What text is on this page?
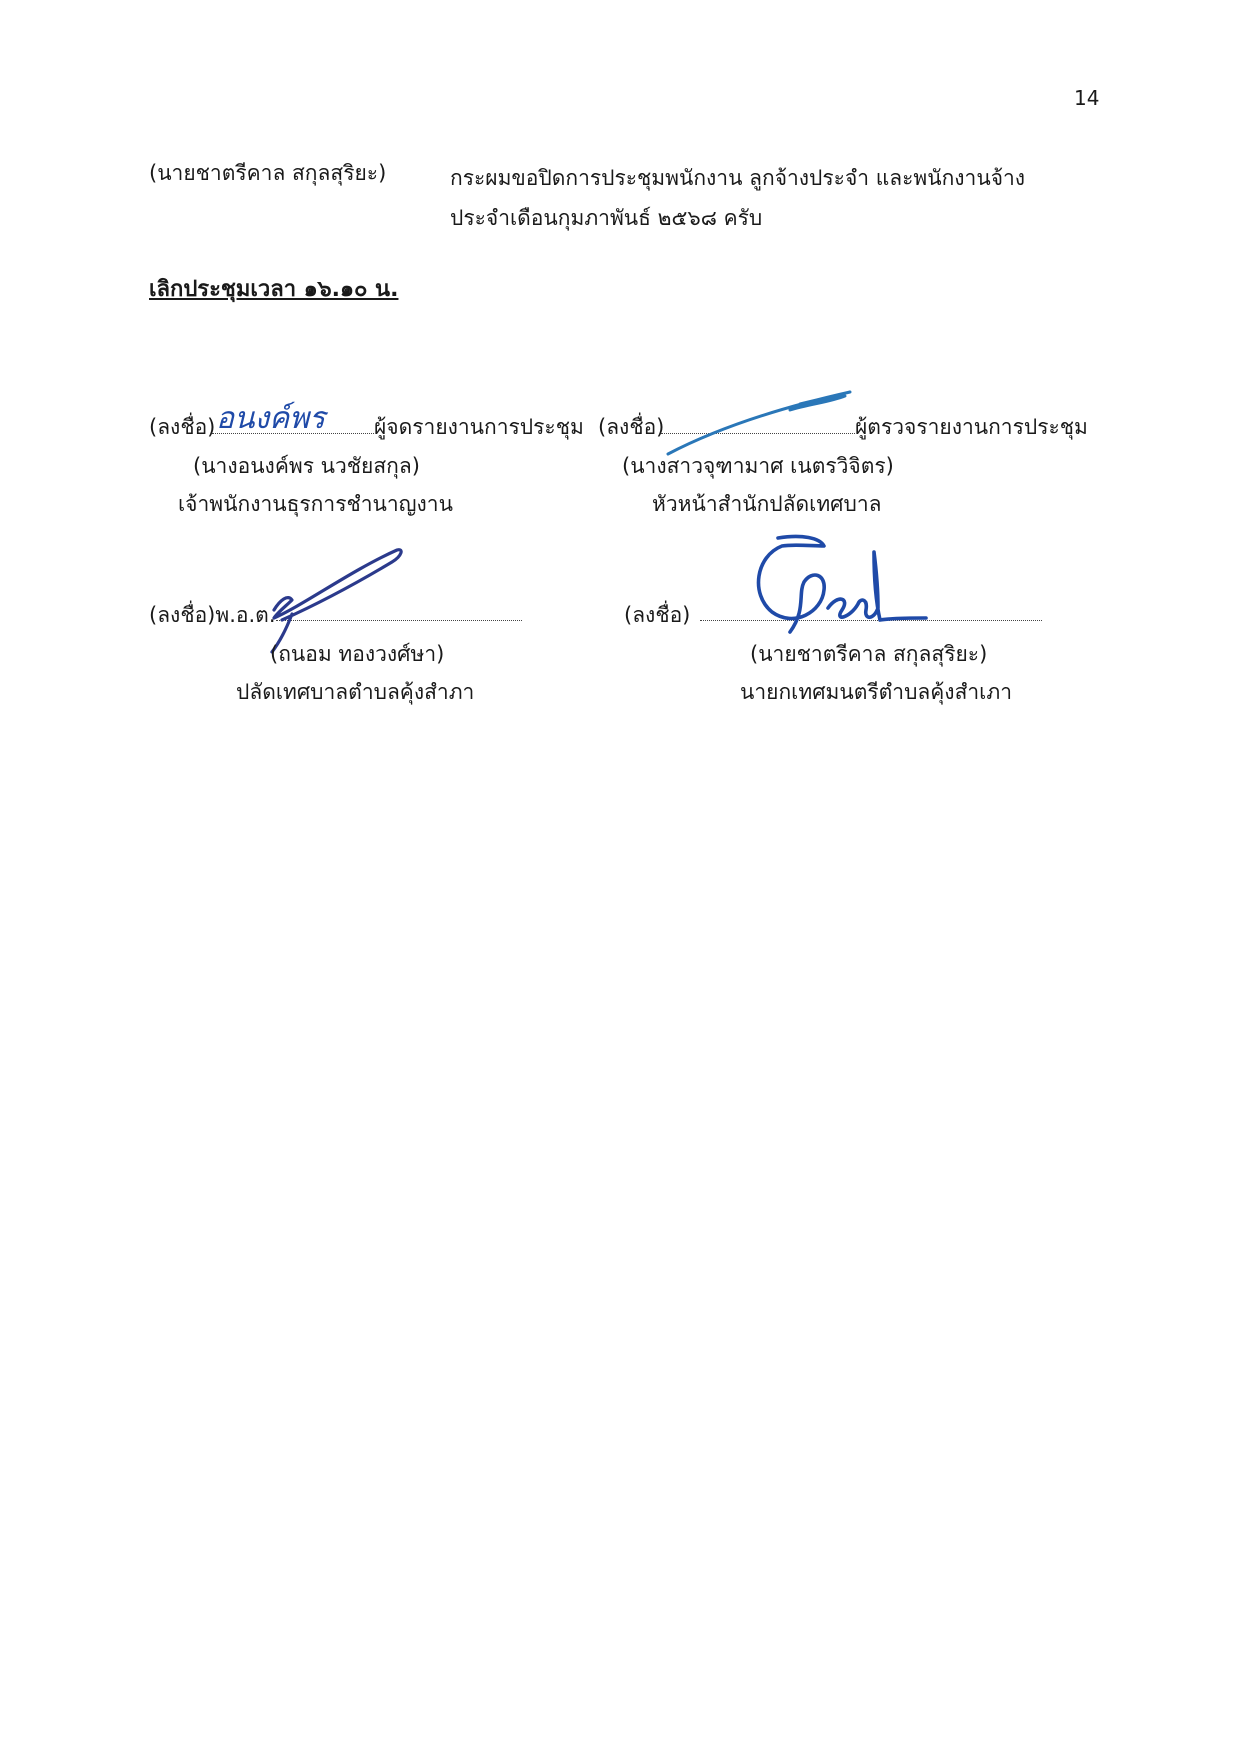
14
(นายชาตรีคาล สกุลสุริยะ)	กระผมขอปิดการประชุมพนักงาน ลูกจ้างประจำ และพนักงานจ้าง
ประจำเดือนกุมภาพันธ์ ๒๕๖๘ ครับ
เลิกประชุมเวลา ๑๖.๑๐ น.
(ลงชื่อ) อนงค์พร ผู้จดรายงานการประชุม
(นางอนงค์พร นวชัยสกุล)
เจ้าพนักงานธุรการชำนาญงาน
(ลงชื่อ)	ผู้ตรวจรายงานการประชุม
(นางสาวจุฑามาศ เนตรวิจิตร)
หัวหน้าสำนักปลัดเทศบาล
(ลงชื่อ)พ.อ.ต.
(ถนอม ทองวงศ์ษา)
ปลัดเทศบาลตำบลคุ้งสำภา
(ลงชื่อ)
(นายชาตรีคาล สกุลสุริยะ)
นายกเทศมนตรีตำบลคุ้งสำเภา
